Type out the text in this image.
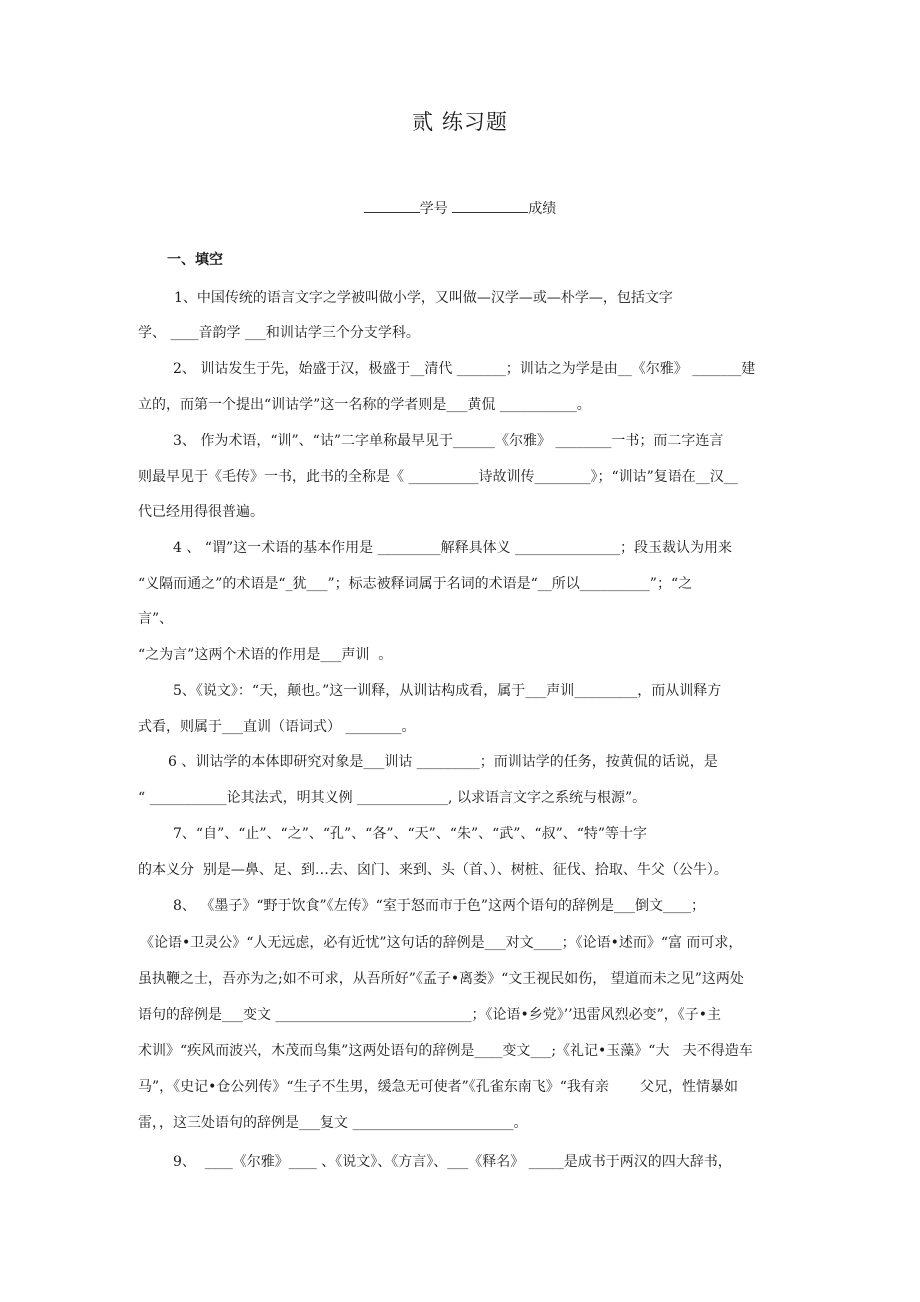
贰 练习题
学号	成绩
一、填空
1、中国传统的语言文字之学被叫做小学，又叫做—汉学—或—朴学—，包括文字
学、 ____音韵学 ___和训诂学三个分支学科。
2、 训诂发生于先，始盛于汉，极盛于__清代 _______；训诂之为学是由__《尔雅》 _______建
立的，而第一个提出“训诂学”这一名称的学者则是___黄侃 ___________。
3、 作为术语，“训”、“诂”二字单称最早见于______《尔雅》 ________一书；而二字连言
则最早见于《毛传》一书，此书的全称是《 __________诗故训传________》；“训诂”复语在__汉__
代已经用得很普遍。
4 、 “谓”这一术语的基本作用是 _________解释具体义 _______________；段玉裁认为用来
“义隔而通之”的术语是“_犹___”；标志被释词属于名词的术语是“__所以__________”；“之
言”、
“之为言”这两个术语的作用是___声训  。
5、《说文》：“天，颠也。”这一训释，从训诂构成看，属于___声训_________，而从训释方
式看，则属于___直训（语词式） ________。
6 、训诂学的本体即研究对象是___训诂 _________；而训诂学的任务，按黄侃的话说，是
“ ___________论其法式，明其义例 _____________, 以求语言文字之系统与根源”。
7、“自”、“止”、“之”、“孔”、“各”、“天”、“朱”、“武”、“叔”、“特”等十字
的本义分  别是—鼻、足、到…去、囟门、来到、头（首、）、树桩、征伐、拾取、牛父（公牛）。
8、 《墨子》“野于饮食”《左传》“室于怒而市于色”这两个语句的辞例是___倒文____；
《论语•卫灵公》“人无远虑，必有近忧”这句话的辞例是___对文____；《论语•述而》“富 而可求，
虽执鞭之士，吾亦为之;如不可求，从吾所好”《孟子•离娄》“文王视民如伤， 望道而未之见”这两处
语句的辞例是___变文 ____________________________；《论语•乡党》’’迅雷风烈必变”，《子•主
术训》“疾风而波兴，木茂而鸟集”这两处语句的辞例是____变文___;《礼记•玉藻》“大   夫不得造车
马”，《史记•仓公列传》“生子不生男，缓急无可使者”《孔雀东南飞》“我有亲       父兄，性情暴如
雷，，这三处语句的辞例是___复文 _______________________。
9、  ____《尔雅》____ 、《说文》、《方言》、___《释名》 _____是成书于两汉的四大辞书，
